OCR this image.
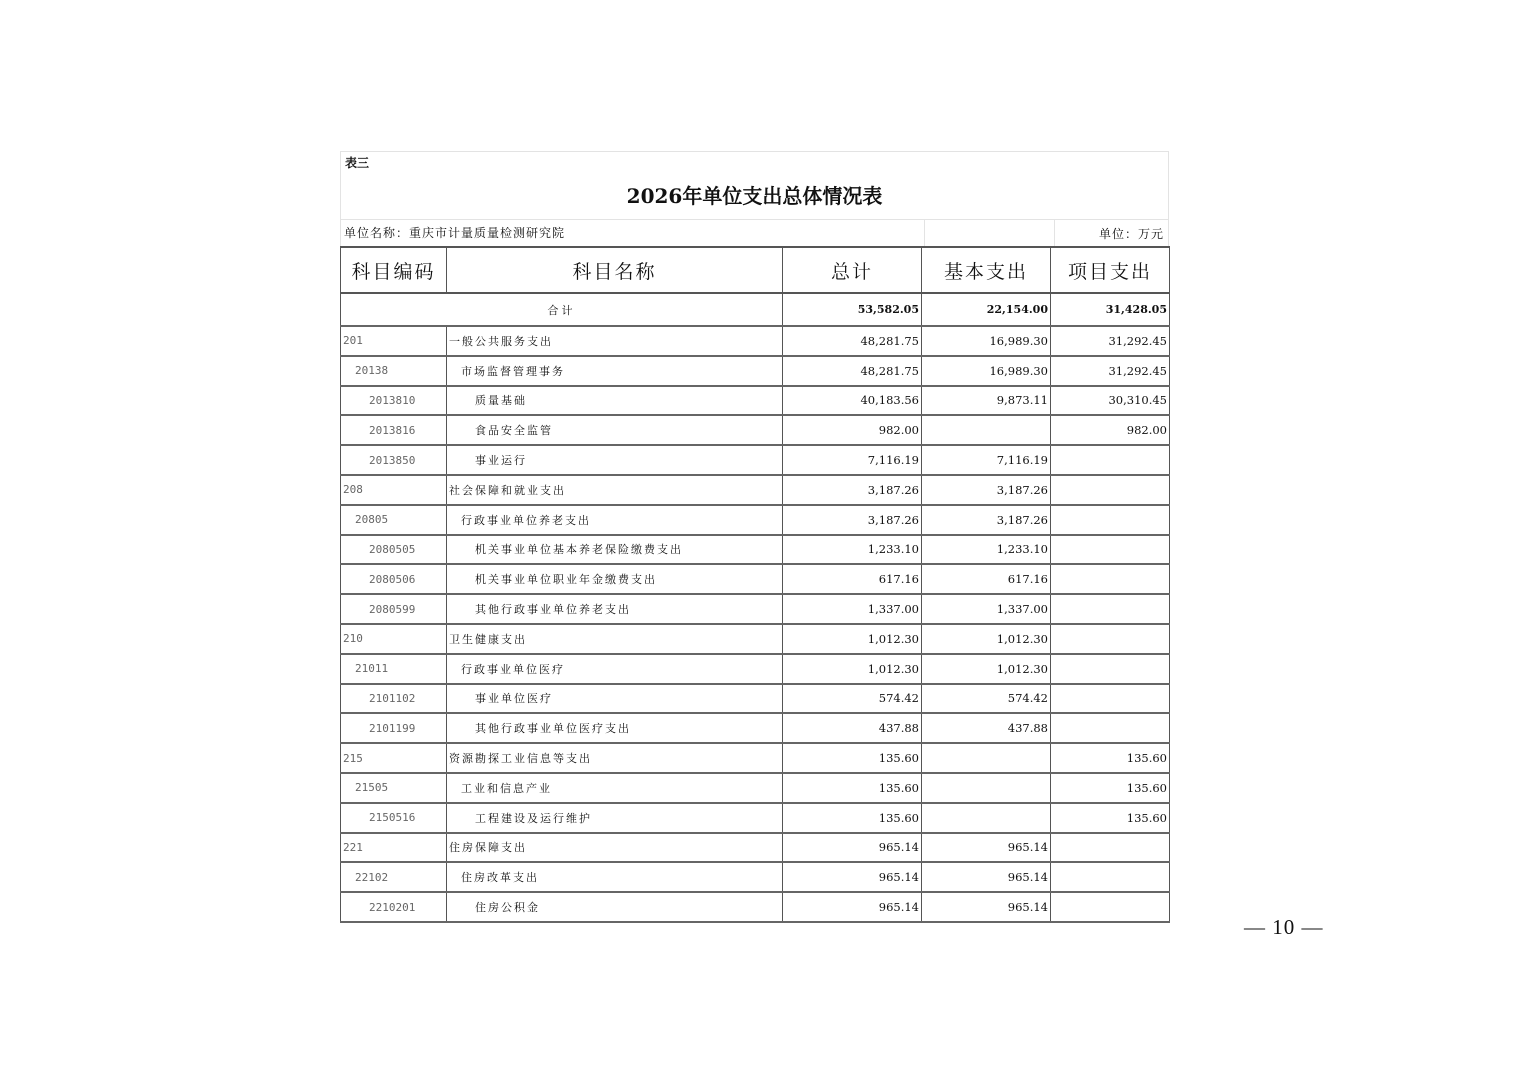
表三
2026年单位支出总体情况表
单位名称：重庆市计量质量检测研究院	单位：万元
科目编码	科目名称	总计	基本支出	项目支出
合计		53,582.05	22,154.00	31,428.05
201	一般公共服务支出	48,281.75	16,989.30	31,292.45
20138	市场监督管理事务	48,281.75	16,989.30	31,292.45
2013810	质量基础	40,183.56	9,873.11	30,310.45
2013816	食品安全监管	982.00		982.00
2013850	事业运行	7,116.19	7,116.19	
208	社会保障和就业支出	3,187.26	3,187.26	
20805	行政事业单位养老支出	3,187.26	3,187.26	
2080505	机关事业单位基本养老保险缴费支出	1,233.10	1,233.10	
2080506	机关事业单位职业年金缴费支出	617.16	617.16	
2080599	其他行政事业单位养老支出	1,337.00	1,337.00	
210	卫生健康支出	1,012.30	1,012.30	
21011	行政事业单位医疗	1,012.30	1,012.30	
2101102	事业单位医疗	574.42	574.42	
2101199	其他行政事业单位医疗支出	437.88	437.88	
215	资源勘探工业信息等支出	135.60		135.60
21505	工业和信息产业	135.60		135.60
2150516	工程建设及运行维护	135.60		135.60
221	住房保障支出	965.14	965.14	
22102	住房改革支出	965.14	965.14	
2210201	住房公积金	965.14	965.14	
— 10 —
